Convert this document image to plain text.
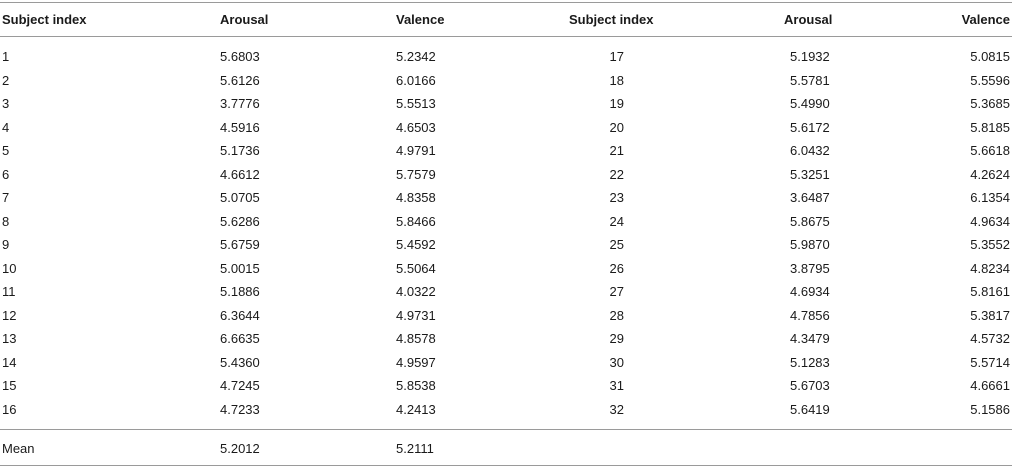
Subject index	Arousal	Valence	Subject index	Arousal	Valence
1	5.6803	5.2342	17	5.1932	5.0815
2	5.6126	6.0166	18	5.5781	5.5596
3	3.7776	5.5513	19	5.4990	5.3685
4	4.5916	4.6503	20	5.6172	5.8185
5	5.1736	4.9791	21	6.0432	5.6618
6	4.6612	5.7579	22	5.3251	4.2624
7	5.0705	4.8358	23	3.6487	6.1354
8	5.6286	5.8466	24	5.8675	4.9634
9	5.6759	5.4592	25	5.9870	5.3552
10	5.0015	5.5064	26	3.8795	4.8234
11	5.1886	4.0322	27	4.6934	5.8161
12	6.3644	4.9731	28	4.7856	5.3817
13	6.6635	4.8578	29	4.3479	4.5732
14	5.4360	4.9597	30	5.1283	5.5714
15	4.7245	5.8538	31	5.6703	4.6661
16	4.7233	4.2413	32	5.6419	5.1586
Mean	5.2012	5.2111
